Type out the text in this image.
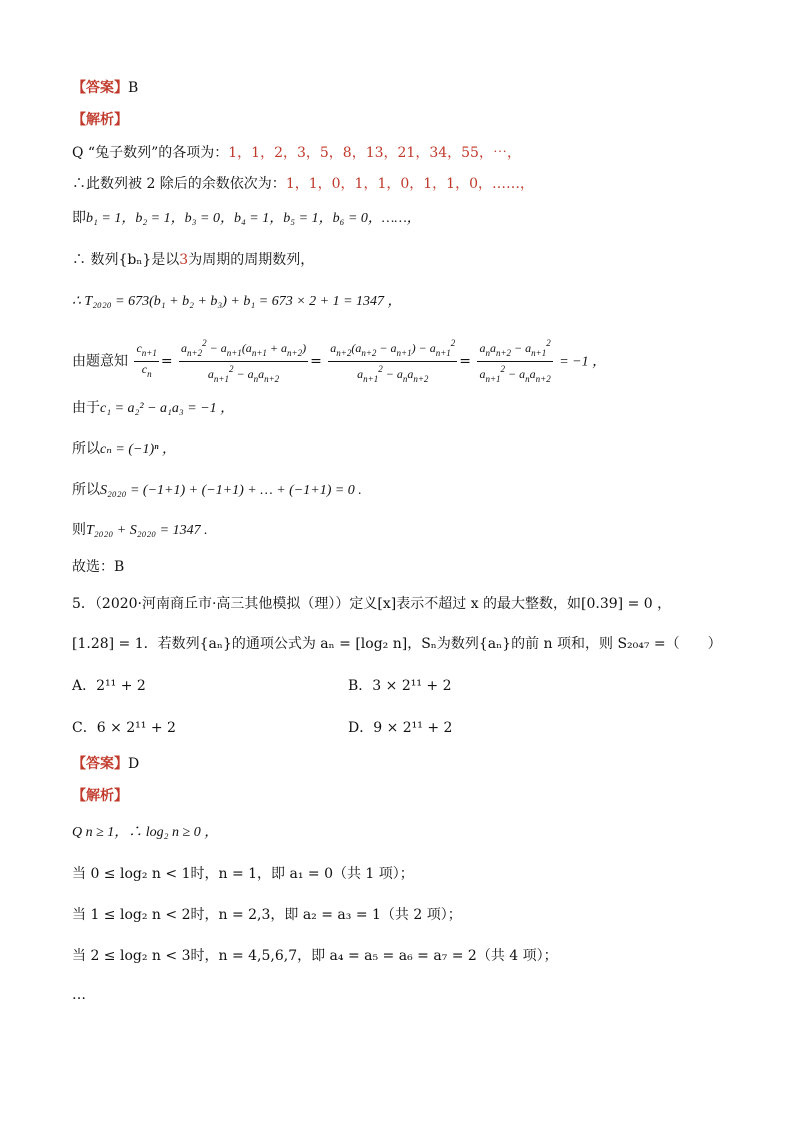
【答案】B
【解析】
Q “兔子数列”的各项为：1，1，2，3，5，8，13，21，34，55，⋯，
∴此数列被 2 除后的余数依次为：1，1，0，1，1，0，1，1，0，……，
即b₁ = 1，b₂ = 1，b₃ = 0，b₄ = 1，b₅ = 1，b₆ = 0，……，
∴ 数列{bₙ}是以3为周期的周期数列，
∴ T₂₀₂₀ = 673(b₁ + b₂ + b₃) + b₁ = 673 × 2 + 1 = 1347 ，
由题意知 $\frac{c_{n+1}}{c_n} = \frac{a_{n+2}^2 - a_{n+1}(a_{n+1} + a_{n+2})}{a_{n+1}^2 - a_na_{n+2}} = \frac{a_{n+2}(a_{n+2} - a_{n+1}) - a_{n+1}^2}{a_{n+1}^2 - a_na_{n+2}} = \frac{a_na_{n+2} - a_{n+1}^2}{a_{n+1}^2 - a_na_{n+2}} = -1$ ，
由于c₁ = a₂² − a₁a₃ = −1 ，
所以cₙ = (−1)ⁿ ，
所以S₂₀₂₀ = (−1+1) + (−1+1) + … + (−1+1) = 0 .
则T₂₀₂₀ + S₂₀₂₀ = 1347 .
故选：B
5．（2020·河南商丘市·高三其他模拟（理））定义[x]表示不超过 x 的最大整数，如[0.39] = 0 ，
[1.28] = 1．若数列{aₙ}的通项公式为 aₙ = [log₂ n]，Sₙ为数列{aₙ}的前 n 项和，则 S₂₀₄₇ =（　　）
A．2¹¹ + 2	B．3 × 2¹¹ + 2
C．6 × 2¹¹ + 2	D．9 × 2¹¹ + 2
【答案】D
【解析】
Q n ≥ 1，∴ log₂ n ≥ 0 ，
当 0 ≤ log₂ n < 1时，n = 1，即 a₁ = 0（共 1 项）；
当 1 ≤ log₂ n < 2时，n = 2,3，即 a₂ = a₃ = 1（共 2 项）；
当 2 ≤ log₂ n < 3时，n = 4,5,6,7，即 a₄ = a₅ = a₆ = a₇ = 2（共 4 项）；
…
